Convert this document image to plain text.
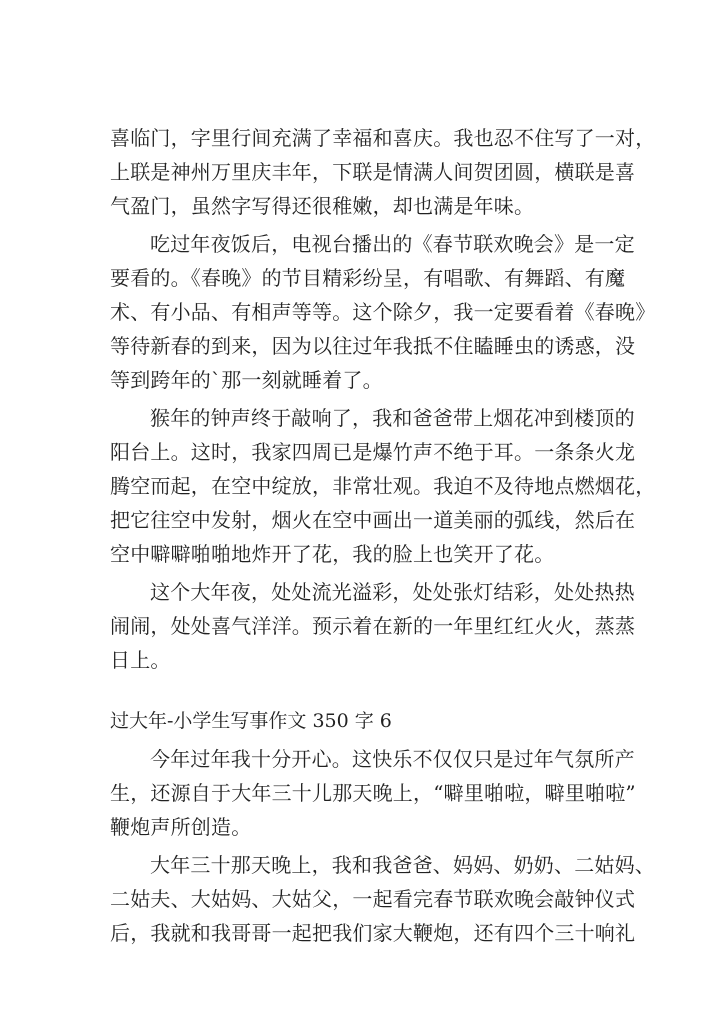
喜临门，字里行间充满了幸福和喜庆。我也忍不住写了一对，
上联是神州万里庆丰年，下联是情满人间贺团圆，横联是喜
气盈门，虽然字写得还很稚嫩，却也满是年味。
吃过年夜饭后，电视台播出的《春节联欢晚会》是一定
要看的。《春晚》的节目精彩纷呈，有唱歌、有舞蹈、有魔
术、有小品、有相声等等。这个除夕，我一定要看着《春晚》
等待新春的到来，因为以往过年我抵不住瞌睡虫的诱惑，没
等到跨年的`那一刻就睡着了。
猴年的钟声终于敲响了，我和爸爸带上烟花冲到楼顶的
阳台上。这时，我家四周已是爆竹声不绝于耳。一条条火龙
腾空而起，在空中绽放，非常壮观。我迫不及待地点燃烟花，
把它往空中发射，烟火在空中画出一道美丽的弧线，然后在
空中噼噼啪啪地炸开了花，我的脸上也笑开了花。
这个大年夜，处处流光溢彩，处处张灯结彩，处处热热
闹闹，处处喜气洋洋。预示着在新的一年里红红火火，蒸蒸
日上。
过大年-小学生写事作文 350 字 6
今年过年我十分开心。这快乐不仅仅只是过年气氛所产
生，还源自于大年三十儿那天晚上，“噼里啪啦，噼里啪啦”
鞭炮声所创造。
大年三十那天晚上，我和我爸爸、妈妈、奶奶、二姑妈、
二姑夫、大姑妈、大姑父，一起看完春节联欢晚会敲钟仪式
后，我就和我哥哥一起把我们家大鞭炮，还有四个三十响礼
